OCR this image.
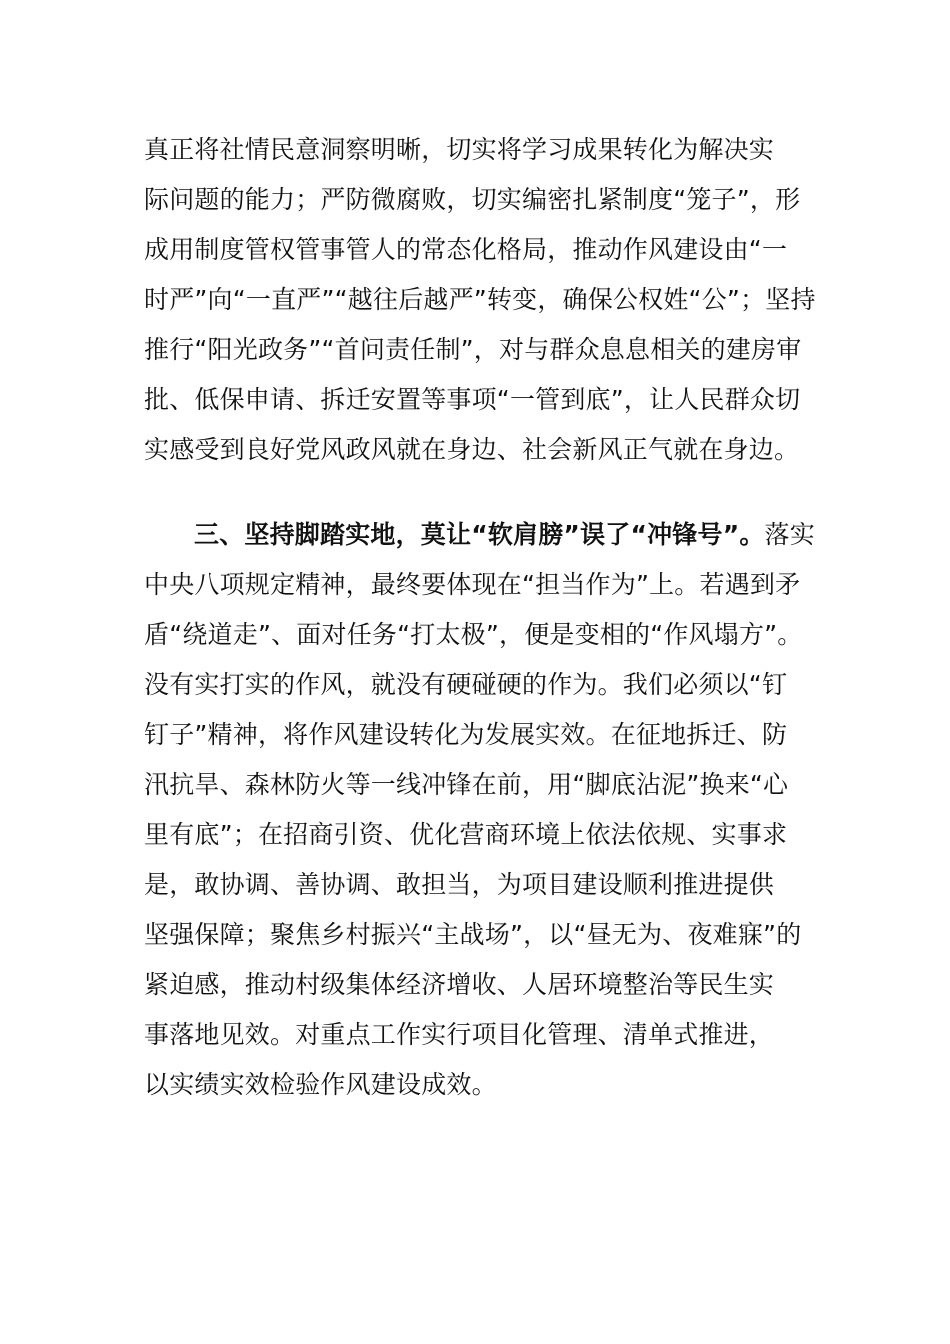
真正将社情民意洞察明晰，切实将学习成果转化为解决实
际问题的能力；严防微腐败，切实编密扎紧制度“笼子”，形
成用制度管权管事管人的常态化格局，推动作风建设由“一
时严”向“一直严”“越往后越严”转变，确保公权姓“公”；坚持
推行“阳光政务”“首问责任制”，对与群众息息相关的建房审
批、低保申请、拆迁安置等事项“一管到底”，让人民群众切
实感受到良好党风政风就在身边、社会新风正气就在身边。
三、坚持脚踏实地，莫让“软肩膀”误了“冲锋号”。落实
中央八项规定精神，最终要体现在“担当作为”上。若遇到矛
盾“绕道走”、面对任务“打太极”，便是变相的“作风塌方”。
没有实打实的作风，就没有硬碰硬的作为。我们必须以“钉
钉子”精神，将作风建设转化为发展实效。在征地拆迁、防
汛抗旱、森林防火等一线冲锋在前，用“脚底沾泥”换来“心
里有底”；在招商引资、优化营商环境上依法依规、实事求
是，敢协调、善协调、敢担当，为项目建设顺利推进提供
坚强保障；聚焦乡村振兴“主战场”，以“昼无为、夜难寐”的
紧迫感，推动村级集体经济增收、人居环境整治等民生实
事落地见效。对重点工作实行项目化管理、清单式推进，
以实绩实效检验作风建设成效。
